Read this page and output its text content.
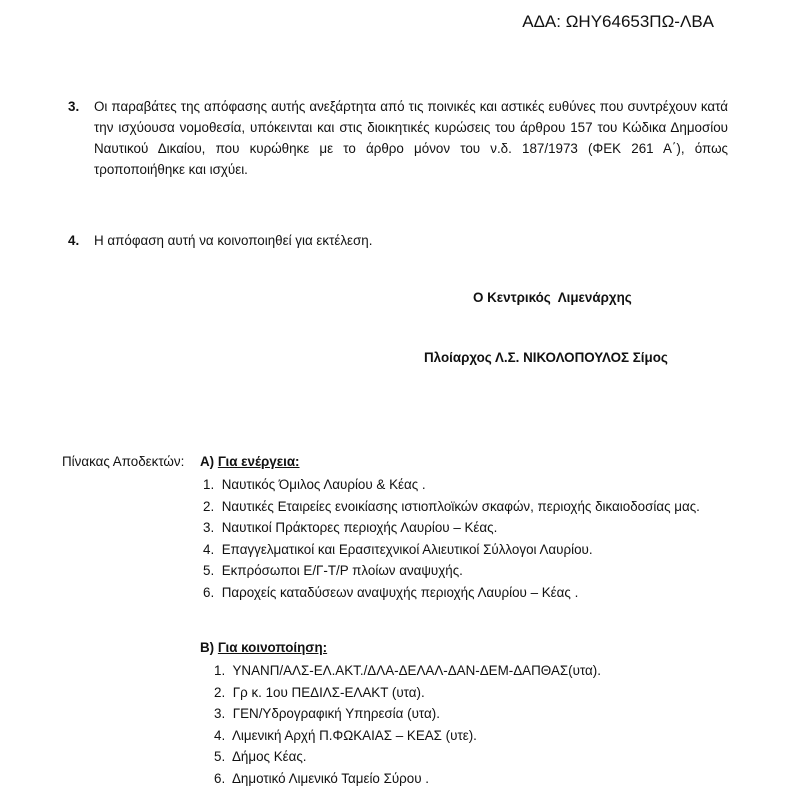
ΑΔΑ: ΩΗΥ64653ΠΩ-ΛΒΑ
3. Οι παραβάτες της απόφασης αυτής ανεξάρτητα από τις ποινικές και αστικές ευθύνες που συντρέχουν κατά την ισχύουσα νομοθεσία, υπόκεινται και στις διοικητικές κυρώσεις του άρθρου 157 του Κώδικα Δημοσίου Ναυτικού Δικαίου, που κυρώθηκε με το άρθρο μόνον του ν.δ. 187/1973 (ΦΕΚ 261 Α΄), όπως τροποποιήθηκε και ισχύει.
4. Η απόφαση αυτή να κοινοποιηθεί για εκτέλεση.
Ο Κεντρικός  Λιμενάρχης
Πλοίαρχος Λ.Σ. ΝΙΚΟΛΟΠΟΥΛΟΣ Σίμος
Πίνακας Αποδεκτών: Α) Για ενέργεια:
1. Ναυτικός Όμιλος Λαυρίου & Κέας .
2. Ναυτικές Εταιρείες ενοικίασης ιστιοπλοϊκών σκαφών, περιοχής δικαιοδοσίας μας.
3. Ναυτικοί Πράκτορες περιοχής Λαυρίου – Κέας.
4. Επαγγελματικοί και Ερασιτεχνικοί Αλιευτικοί Σύλλογοι Λαυρίου.
5. Εκπρόσωποι Ε/Γ-Τ/Ρ πλοίων αναψυχής.
6. Παροχείς καταδύσεων αναψυχής περιοχής Λαυρίου – Κέας .
Β) Για κοινοποίηση:
1. ΥΝΑΝΠ/ΑΛΣ-ΕΛ.ΑΚΤ./ΔΛΑ-ΔΕΛΑΛ-ΔΑΝ-ΔΕΜ-ΔΑΠΘΑΣ(υτα).
2. Γρ κ. 1ου ΠΕΔΙΛΣ-ΕΛΑΚΤ (υτα).
3. ΓΕΝ/Υδρογραφική Υπηρεσία (υτα).
4. Λιμενική Αρχή Π.ΦΩΚΑΙΑΣ – ΚΕΑΣ (υτε).
5. Δήμος Κέας.
6. Δημοτικό Λιμενικό Ταμείο Σύρου .
